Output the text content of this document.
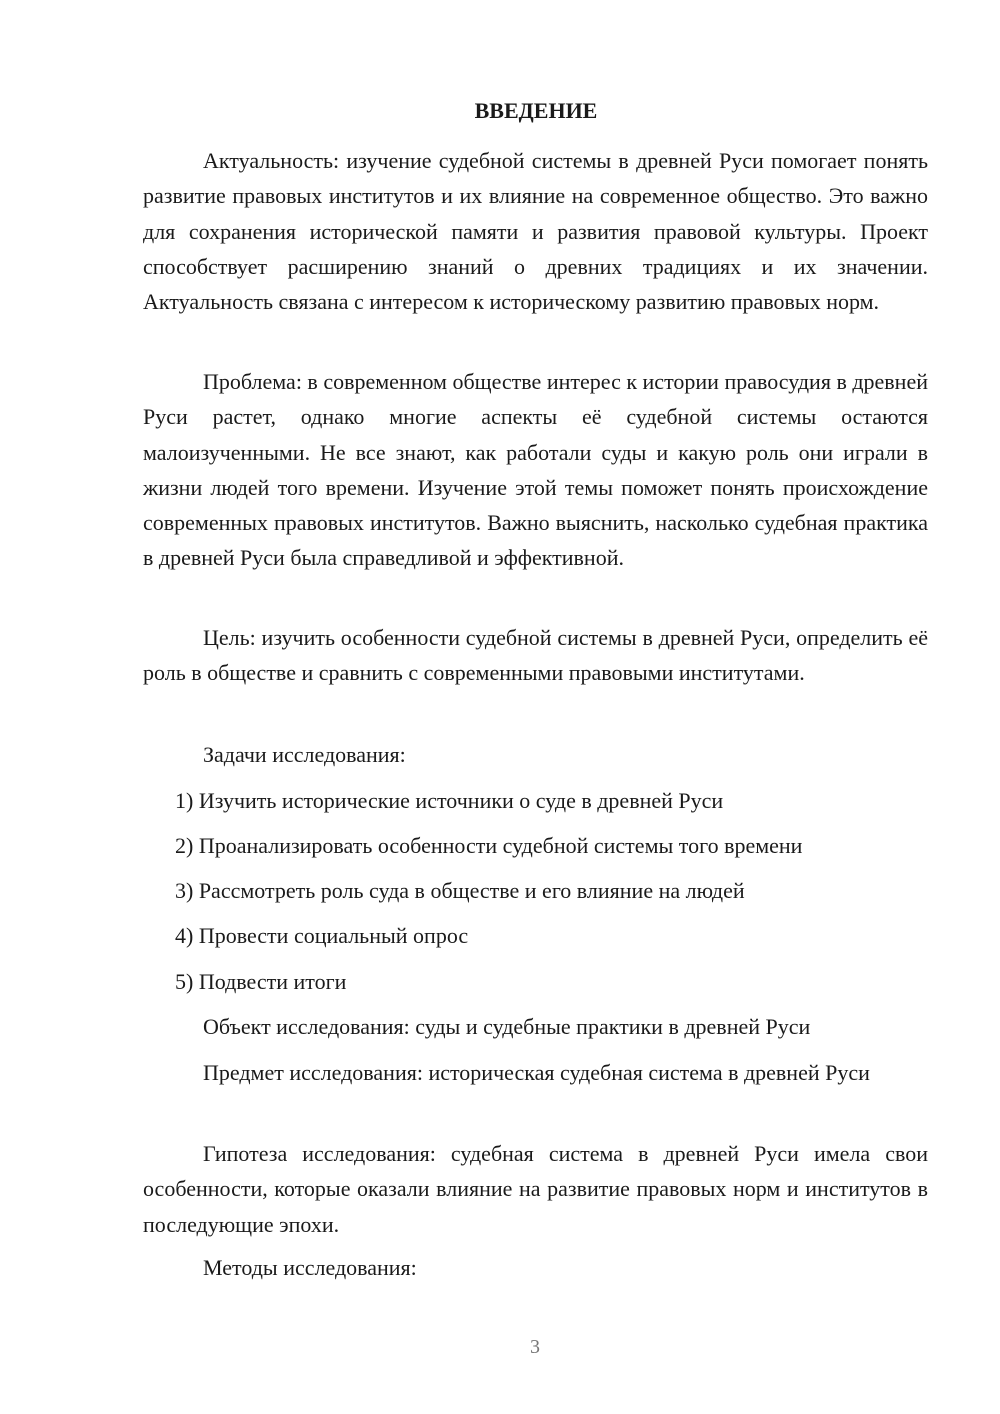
ВВЕДЕНИЕ
Актуальность: изучение судебной системы в древней Руси помогает понять развитие правовых институтов и их влияние на современное общество. Это важно для сохранения исторической памяти и развития правовой культуры. Проект способствует расширению знаний о древних традициях и их значении. Актуальность связана с интересом к историческому развитию правовых норм.
Проблема: в современном обществе интерес к истории правосудия в древней Руси растет, однако многие аспекты её судебной системы остаются малоизученными. Не все знают, как работали суды и какую роль они играли в жизни людей того времени. Изучение этой темы поможет понять происхождение современных правовых институтов. Важно выяснить, насколько судебная практика в древней Руси была справедливой и эффективной.
Цель: изучить особенности судебной системы в древней Руси, определить её роль в обществе и сравнить с современными правовыми институтами.
Задачи исследования:
1) Изучить исторические источники о суде в древней Руси
2) Проанализировать особенности судебной системы того времени
3) Рассмотреть роль суда в обществе и его влияние на людей
4) Провести социальный опрос
5) Подвести итоги
Объект исследования: суды и судебные практики в древней Руси
Предмет исследования: историческая судебная система в древней Руси
Гипотеза исследования: судебная система в древней Руси имела свои особенности, которые оказали влияние на развитие правовых норм и институтов в последующие эпохи.
Методы исследования:
3
